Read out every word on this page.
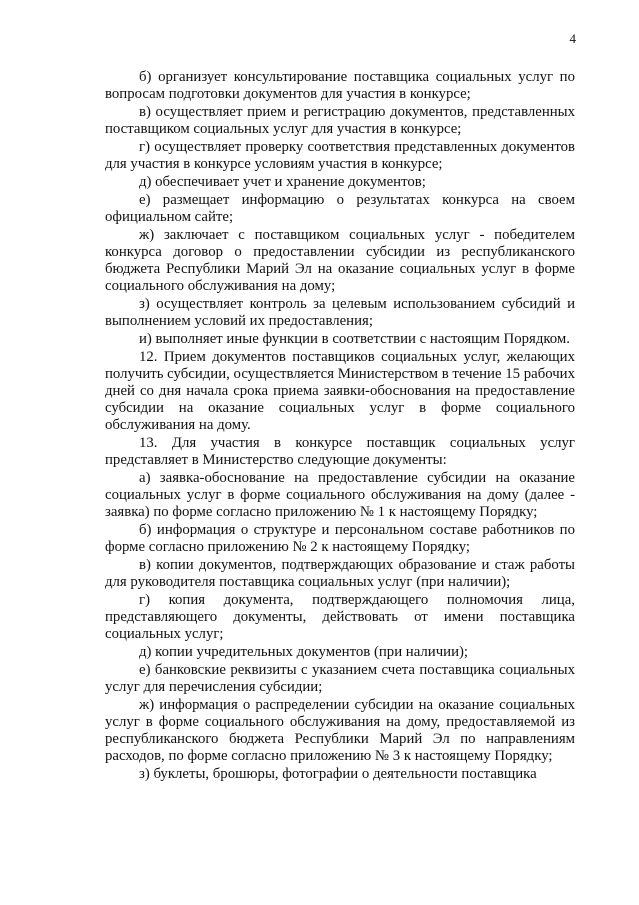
4

б) организует консультирование поставщика социальных услуг по вопросам подготовки документов для участия в конкурсе;

в) осуществляет прием и регистрацию документов, представленных поставщиком социальных услуг для участия в конкурсе;

г) осуществляет проверку соответствия представленных документов для участия в конкурсе условиям участия в конкурсе;

д) обеспечивает учет и хранение документов;

е) размещает информацию о результатах конкурса на своем официальном сайте;

ж) заключает с поставщиком социальных услуг - победителем конкурса договор о предоставлении субсидии из республиканского бюджета Республики Марий Эл на оказание социальных услуг в форме социального обслуживания на дому;

з) осуществляет контроль за целевым использованием субсидий и выполнением условий их предоставления;

и) выполняет иные функции в соответствии с настоящим Порядком.

12. Прием документов поставщиков социальных услуг, желающих получить субсидии, осуществляется Министерством в течение 15 рабочих дней со дня начала срока приема заявки-обоснования на предоставление субсидии на оказание социальных услуг в форме социального обслуживания на дому.

13. Для участия в конкурсе поставщик социальных услуг представляет в Министерство следующие документы:

а) заявка-обоснование на предоставление субсидии на оказание социальных услуг в форме социального обслуживания на дому (далее - заявка) по форме согласно приложению № 1 к настоящему Порядку;

б) информация о структуре и персональном составе работников по форме согласно приложению № 2 к настоящему Порядку;

в) копии документов, подтверждающих образование и стаж работы для руководителя поставщика социальных услуг (при наличии);

г) копия документа, подтверждающего полномочия лица, представляющего документы, действовать от имени поставщика социальных услуг;

д) копии учредительных документов (при наличии);

е) банковские реквизиты с указанием счета поставщика социальных услуг для перечисления субсидии;

ж) информация о распределении субсидии на оказание социальных услуг в форме социального обслуживания на дому, предоставляемой из республиканского бюджета Республики Марий Эл по направлениям расходов, по форме согласно приложению № 3 к настоящему Порядку;

з) буклеты, брошюры, фотографии о деятельности поставщика
